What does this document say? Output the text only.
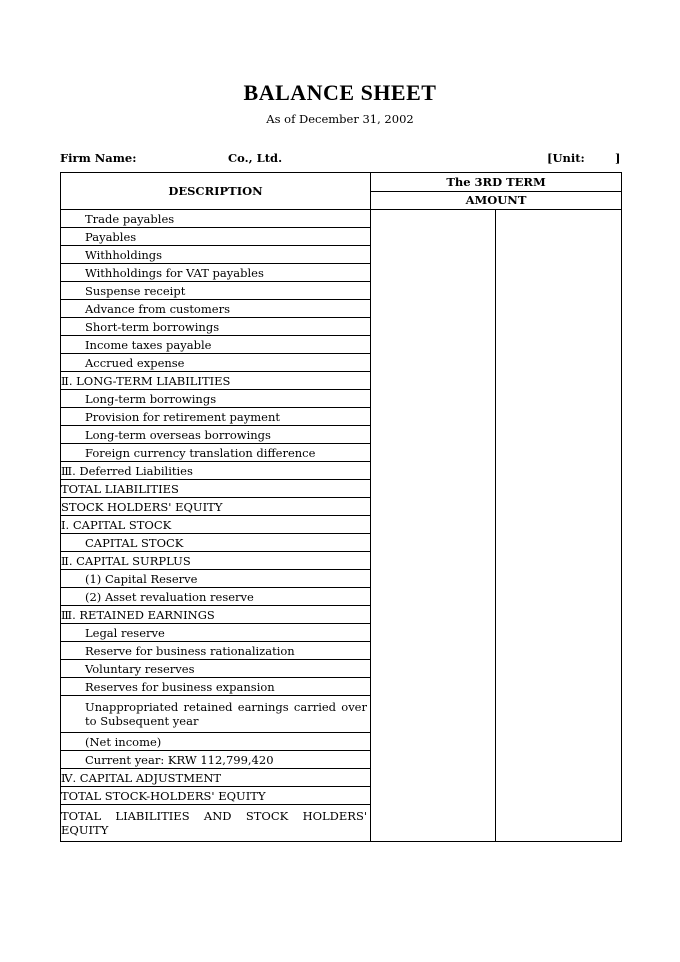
BALANCE SHEET
As of December 31, 2002
Firm Name:	Co., Ltd.	[Unit:	]
DESCRIPTION	The 3RD TERM	
	AMOUNT	
Trade payables		
Payables		
Withholdings		
Withholdings for VAT payables		
Suspense receipt		
Advance from customers		
Short-term borrowings		
Income taxes payable		
Accrued expense		
Ⅱ. LONG-TERM LIABILITIES		
Long-term borrowings		
Provision for retirement payment		
Long-term overseas borrowings		
Foreign currency translation difference		
Ⅲ. Deferred Liabilities		
TOTAL LIABILITIES		
STOCK HOLDERS' EQUITY		
Ⅰ. CAPITAL STOCK		
CAPITAL STOCK		
Ⅱ. CAPITAL SURPLUS		
(1) Capital Reserve		
(2) Asset revaluation reserve		
Ⅲ. RETAINED EARNINGS		
Legal reserve		
Reserve for business rationalization		
Voluntary reserves		
Reserves for business expansion		
Unappropriated retained earnings carried over to Subsequent year		
(Net income)		
Current year: KRW 112,799,420		
Ⅳ. CAPITAL ADJUSTMENT		
TOTAL STOCK-HOLDERS' EQUITY		
TOTAL LIABILITIES AND STOCK HOLDERS' EQUITY		
